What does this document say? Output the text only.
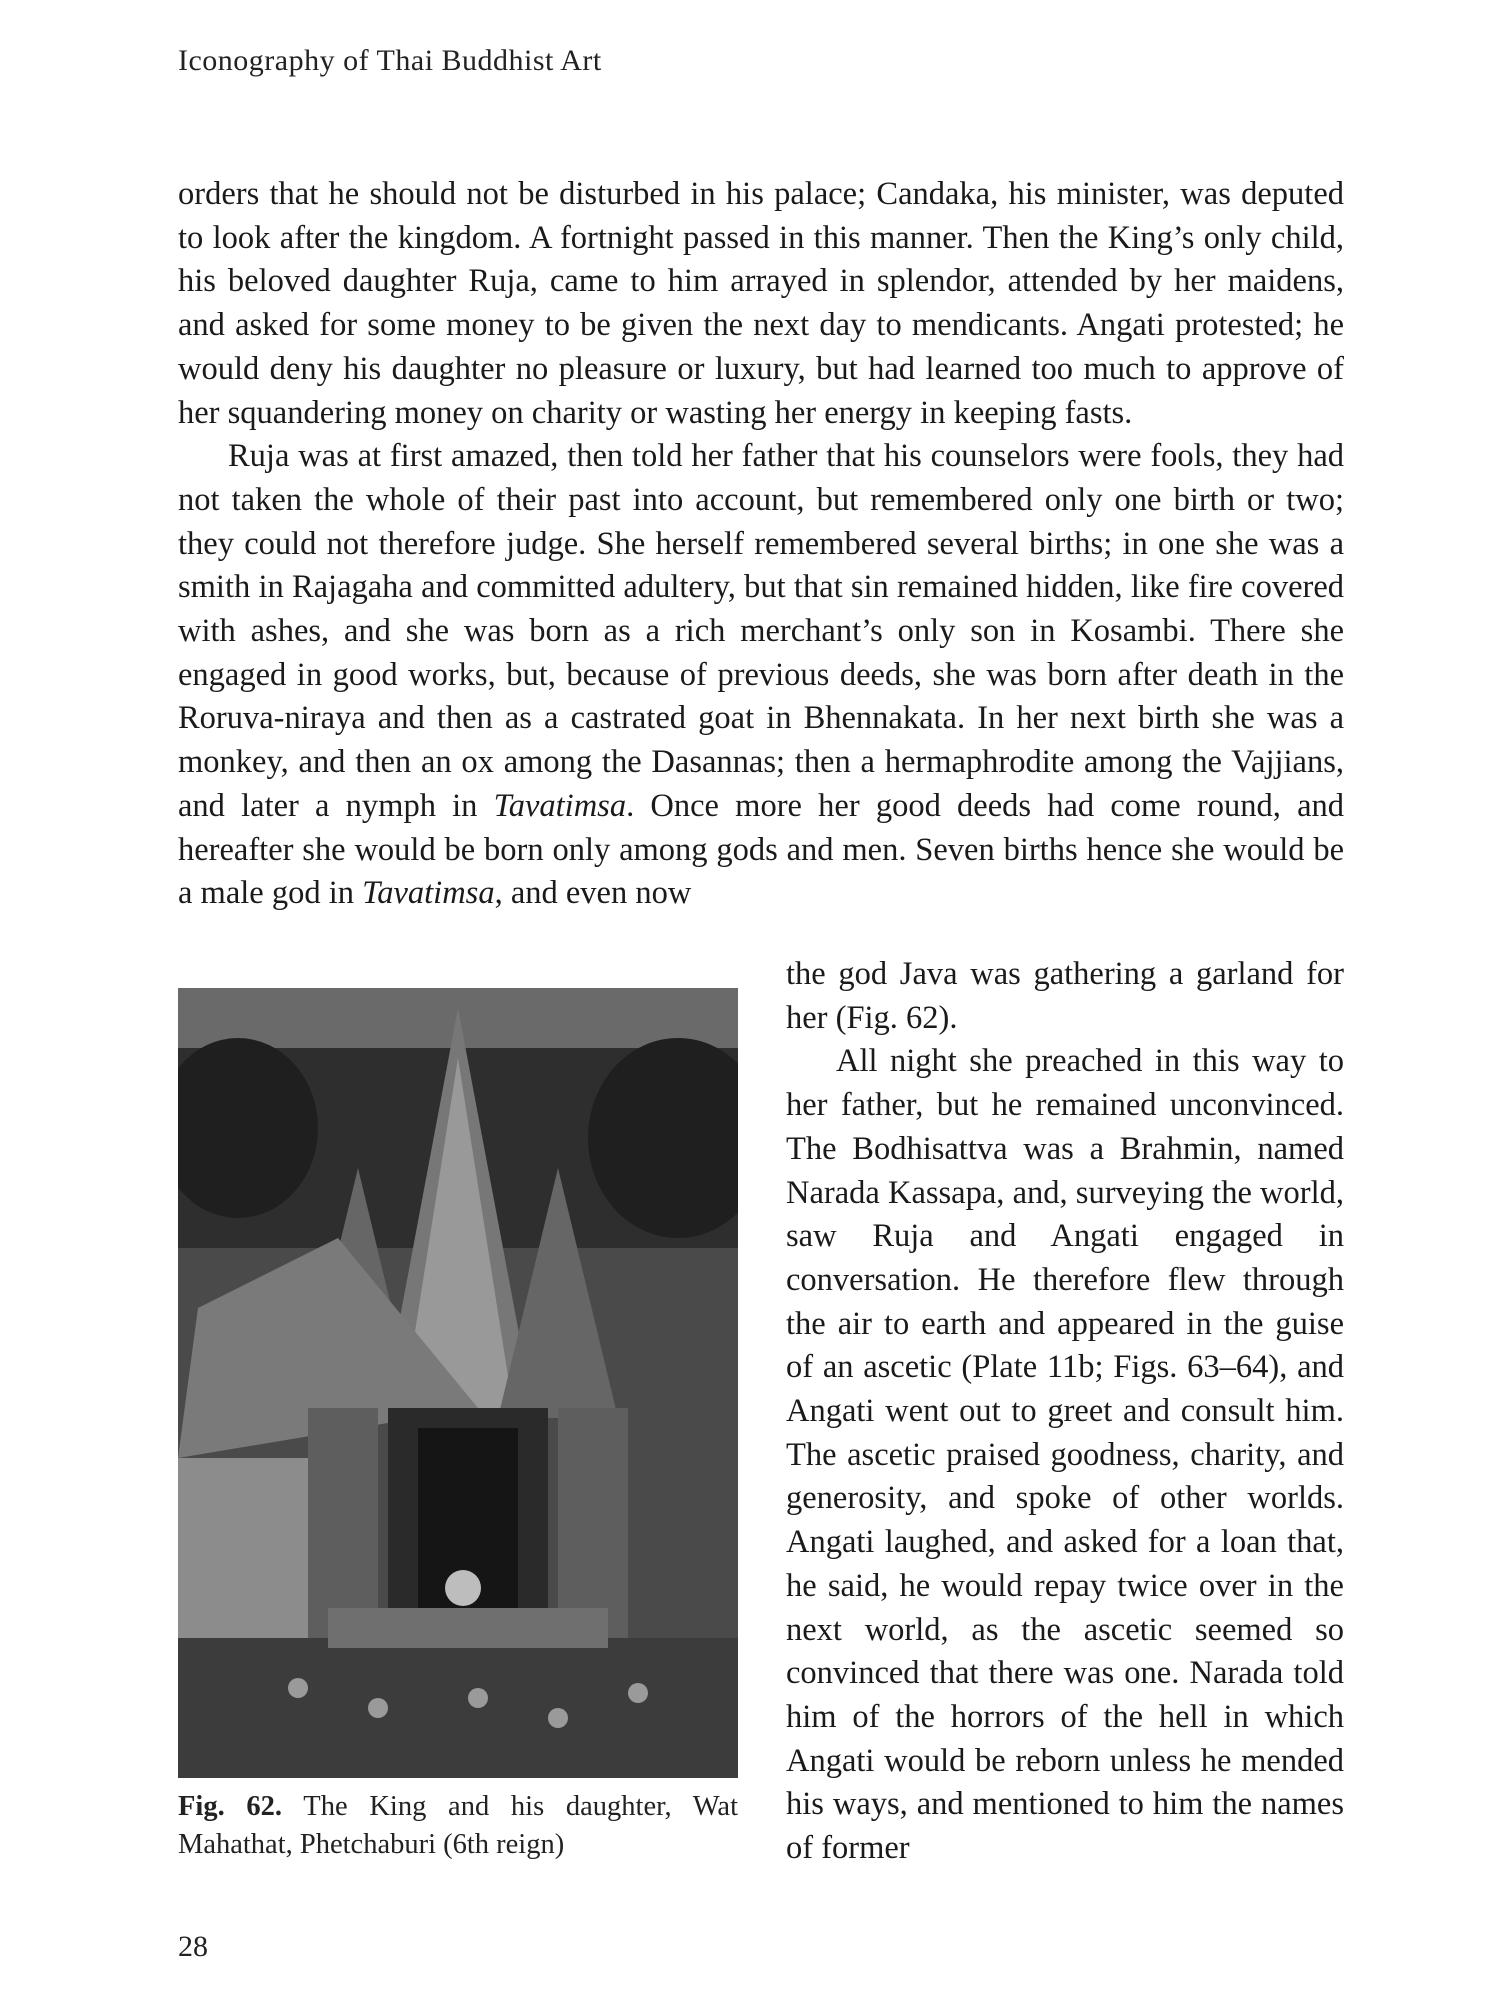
Iconography of Thai Buddhist Art

orders that he should not be disturbed in his palace; Candaka, his minister, was deputed to look after the kingdom. A fortnight passed in this manner. Then the King’s only child, his beloved daughter Ruja, came to him arrayed in splendor, attended by her maidens, and asked for some money to be given the next day to mendicants. Angati protested; he would deny his daughter no pleasure or luxury, but had learned too much to approve of her squandering money on charity or wasting her energy in keeping fasts.

Ruja was at first amazed, then told her father that his counselors were fools, they had not taken the whole of their past into account, but remembered only one birth or two; they could not therefore judge. She herself remembered several births; in one she was a smith in Rajagaha and committed adultery, but that sin remained hidden, like fire covered with ashes, and she was born as a rich merchant’s only son in Kosambi. There she engaged in good works, but, because of previous deeds, she was born after death in the Roruva-niraya and then as a castrated goat in Bhennakata. In her next birth she was a monkey, and then an ox among the Dasannas; then a hermaphrodite among the Vajjians, and later a nymph in Tavatimsa. Once more her good deeds had come round, and hereafter she would be born only among gods and men. Seven births hence she would be a male god in Tavatimsa, and even now

Fig. 62. The King and his daughter, Wat Mahathat, Phetchaburi (6th reign)

the god Java was gathering a garland for her (Fig. 62).

All night she preached in this way to her father, but he remained unconvinced. The Bodhisattva was a Brahmin, named Narada Kassapa, and, surveying the world, saw Ruja and Angati engaged in conversation. He therefore flew through the air to earth and appeared in the guise of an ascetic (Plate 11b; Figs. 63–64), and Angati went out to greet and consult him. The ascetic praised goodness, charity, and generosity, and spoke of other worlds. Angati laughed, and asked for a loan that, he said, he would repay twice over in the next world, as the ascetic seemed so convinced that there was one. Narada told him of the horrors of the hell in which Angati would be reborn unless he mended his ways, and mentioned to him the names of former

28
